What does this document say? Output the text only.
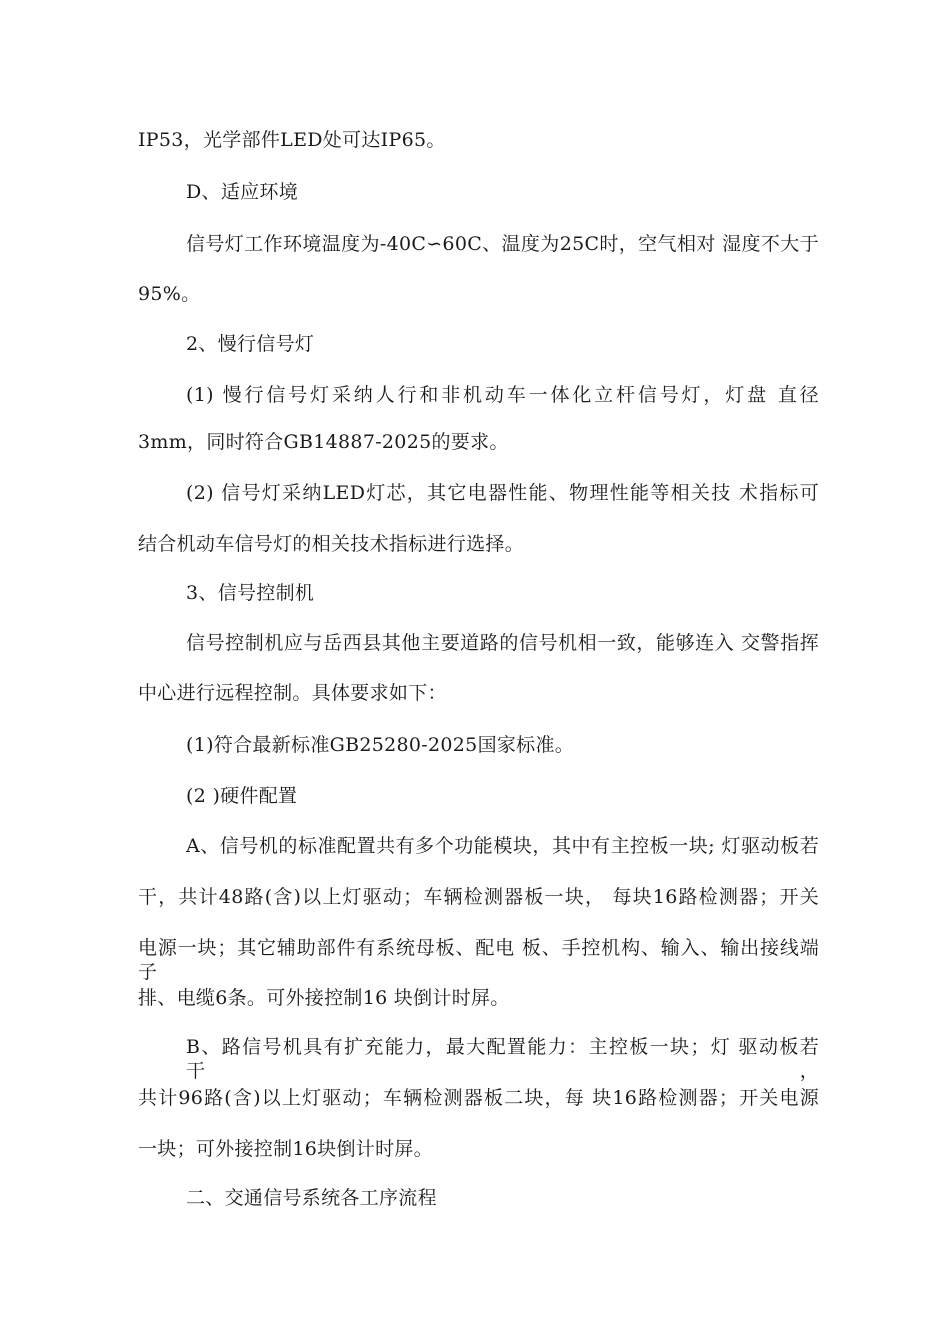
IP53，光学部件LED处可达IP65。
D、适应环境
信号灯工作环境温度为-40C∽60C、温度为25C时，空气相对 湿度不大于
95%。
2、慢行信号灯
(1) 慢行信号灯采纳人行和非机动车一体化立杆信号灯，灯盘 直径
3mm，同时符合GB14887-2025的要求。
(2) 信号灯采纳LED灯芯，其它电器性能、物理性能等相关技 术指标可
结合机动车信号灯的相关技术指标进行选择。
3、信号控制机
信号控制机应与岳西县其他主要道路的信号机相一致，能够连入 交警指挥
中心进行远程控制。具体要求如下：
(1)符合最新标准GB25280-2025国家标准。
(2 )硬件配置
A、信号机的标准配置共有多个功能模块，其中有主控板一块; 灯驱动板若
干，共计48路(含)以上灯驱动；车辆检测器板一块， 每块16路检测器；开关
电源一块；其它辅助部件有系统母板、配电 板、手控机构、输入、输出接线端子
排、电缆6条。可外接控制16 块倒计时屏。
B、路信号机具有扩充能力，最大配置能力：主控板一块；灯 驱动板若干，
共计96路(含)以上灯驱动；车辆检测器板二块，每 块16路检测器；开关电源
一块；可外接控制16块倒计时屏。
二、交通信号系统各工序流程
